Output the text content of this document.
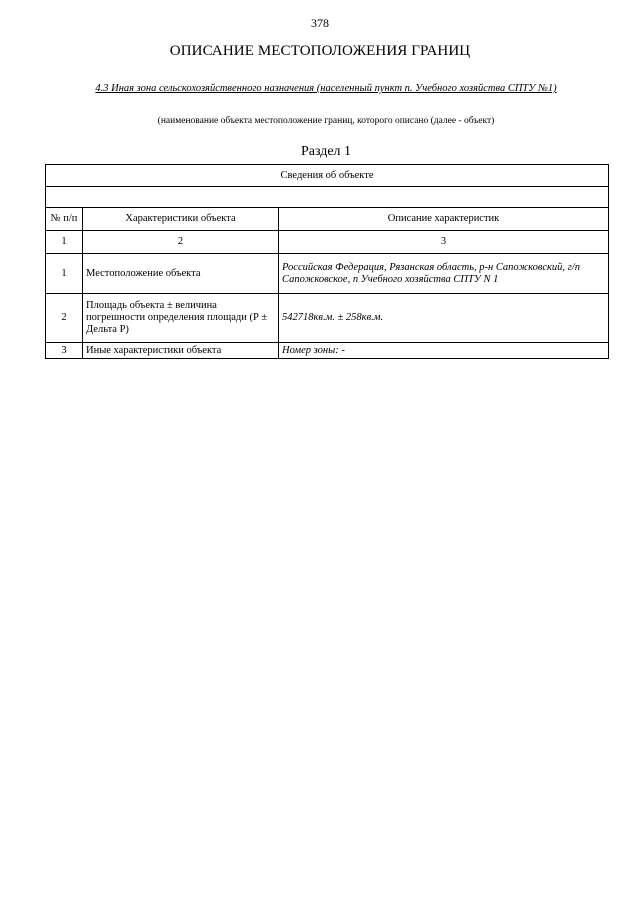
378
ОПИСАНИЕ МЕСТОПОЛОЖЕНИЯ ГРАНИЦ
4.3 Иная зона сельскохозяйственного назначения (населенный пункт п. Учебного хозяйства СПТУ №1)
(наименование объекта местоположение границ, которого описано (далее - объект)
Раздел 1
Сведения об объекте		

№ п/п	Характеристики объекта	Описание характеристик
1	2	3
1	Местоположение объекта	Российская Федерация, Рязанская область, р-н Сапожковский, г/п Сапожковское, п Учебного хозяйства СПТУ N 1
2	Площадь объекта ± величина погрешности определения площади (Р ± Дельта Р)	542718кв.м. ± 258кв.м.
3	Иные характеристики объекта	Номер зоны: -
